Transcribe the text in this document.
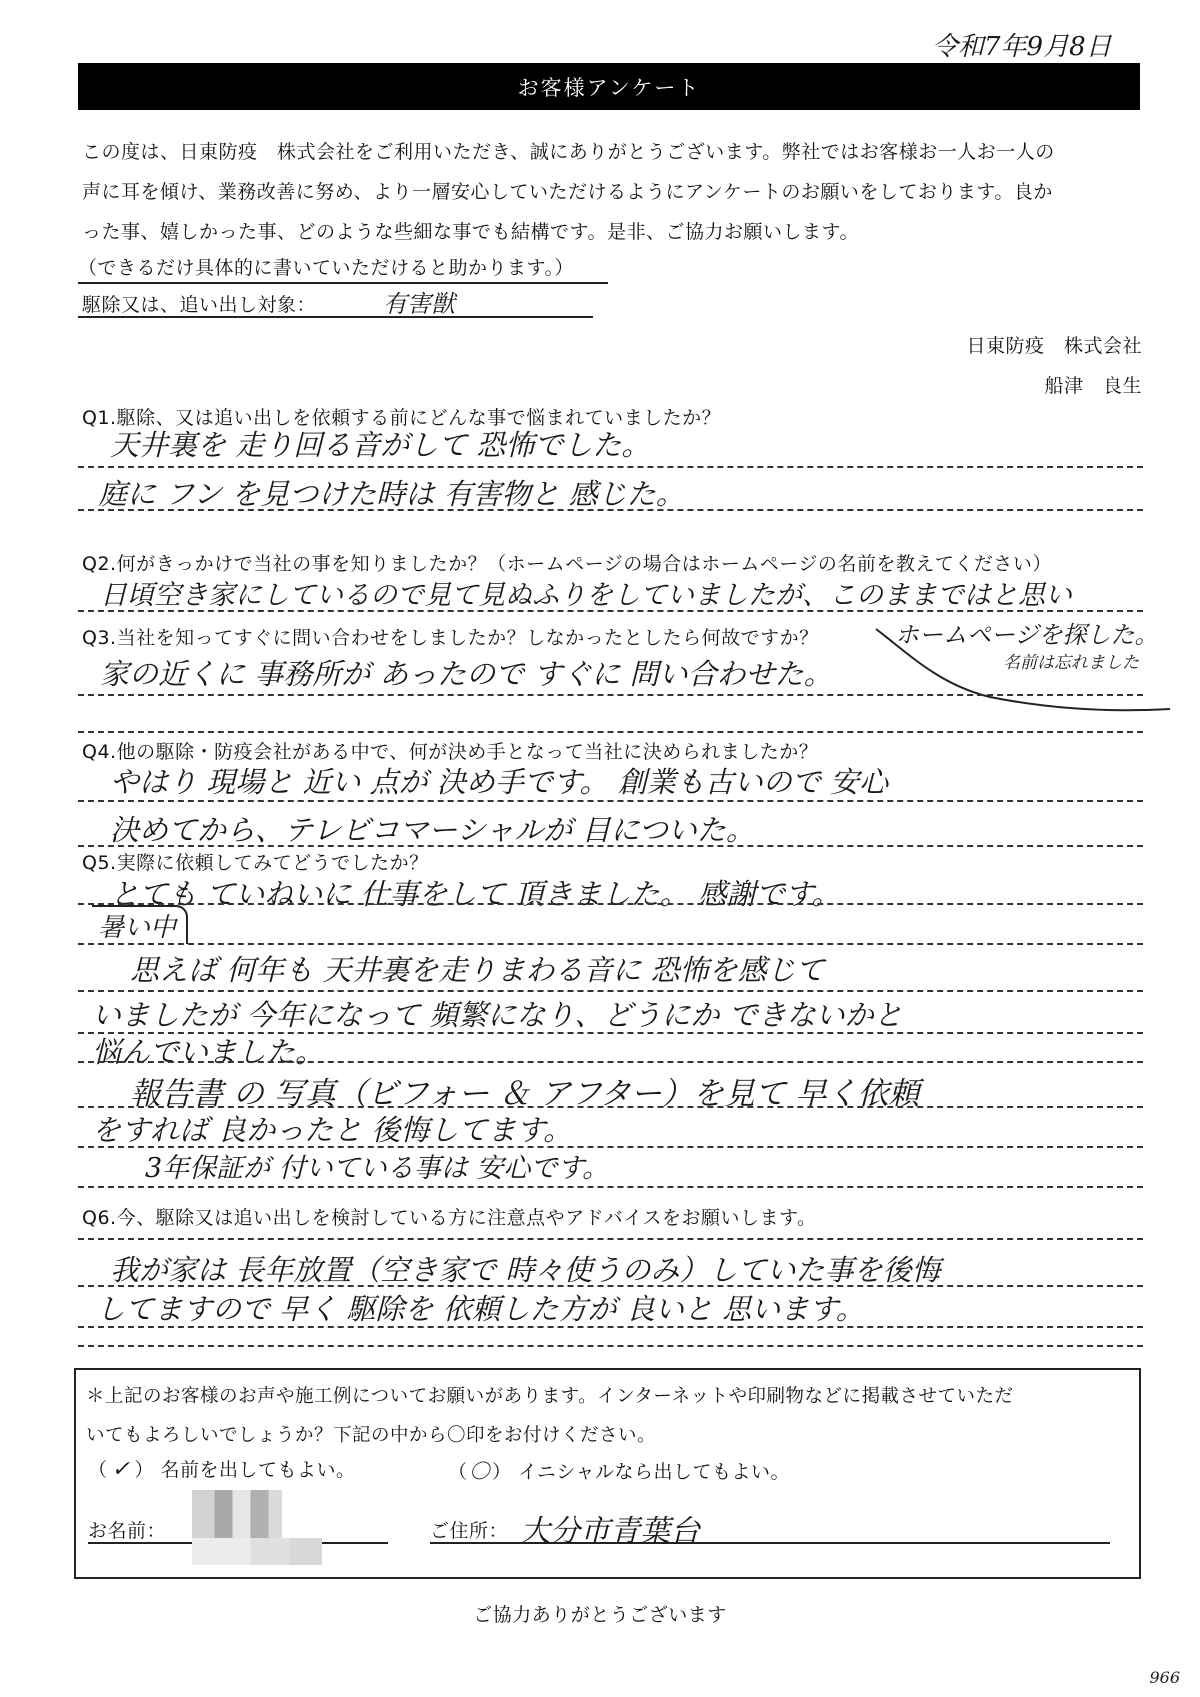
令和7年9月8日
お客様アンケート
この度は、日東防疫　株式会社をご利用いただき、誠にありがとうございます。弊社ではお客様お一人お一人の
声に耳を傾け、業務改善に努め、より一層安心していただけるようにアンケートのお願いをしております。良か
った事、嬉しかった事、どのような些細な事でも結構です。是非、ご協力お願いします。
（できるだけ具体的に書いていただけると助かります。）
駆除又は、追い出し対象：	有害獣
日東防疫　株式会社
船津　良生
Q1.駆除、又は追い出しを依頼する前にどんな事で悩まれていましたか？
天井裏を 走り回る音がして 恐怖でした。
庭に フン を見つけた時は 有害物と 感じた。
Q2.何がきっかけで当社の事を知りましたか？（ホームページの場合はホームページの名前を教えてください）
日頃空き家にしているので見て見ぬふりをしていましたが、このままではと思い
Q3.当社を知ってすぐに問い合わせをしましたか？しなかったとしたら何故ですか？	ホームページを探した。
名前は忘れました
家の近くに 事務所が あったので すぐに 問い合わせた。
Q4.他の駆除・防疫会社がある中で、何が決め手となって当社に決められましたか？
やはり 現場と 近い 点が 決め手です。 創業も古いので 安心
決めてから、テレビコマーシャルが 目についた。
Q5.実際に依頼してみてどうでしたか？
とても ていねいに 仕事をして 頂きました。 感謝です。
暑い中
思えば 何年も 天井裏を走りまわる音に 恐怖を感じて
いましたが 今年になって 頻繁になり、どうにか できないかと
悩んでいました。
報告書 の 写真（ビフォー ＆ アフター）を見て 早く依頼
をすれば 良かったと 後悔してます。
3年保証が 付いている事は 安心です。
Q6.今、駆除又は追い出しを検討している方に注意点やアドバイスをお願いします。
我が家は 長年放置（空き家で 時々使うのみ）していた事を後悔
してますので 早く 駆除を 依頼した方が 良いと 思います。
＊上記のお客様のお声や施工例についてお願いがあります。インターネットや印刷物などに掲載させていただ
いてもよろしいでしょうか？下記の中から〇印をお付けください。
（ ✓ ） 名前を出してもよい。	（ 〇 ） イニシャルなら出してもよい。
お名前：	ご住所： 大分市青葉台
ご協力ありがとうございます
966
